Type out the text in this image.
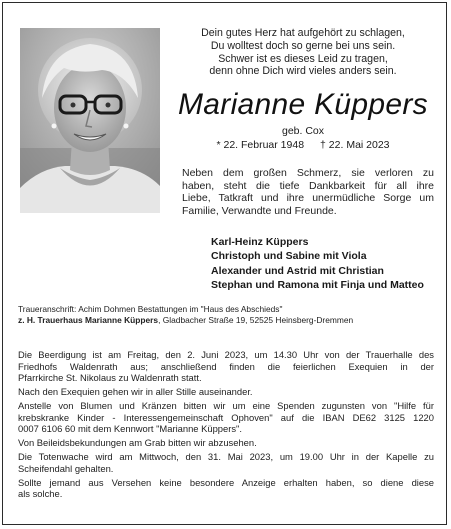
Dein gutes Herz hat aufgehört zu schlagen,
Du wolltest doch so gerne bei uns sein.
Schwer ist es dieses Leid zu tragen,
denn ohne Dich wird vieles anders sein.
Marianne Küppers
geb. Cox
* 22. Februar 1948 † 22. Mai 2023
Neben dem großen Schmerz, sie verloren zu
haben, steht die tiefe Dankbarkeit für all ihre
Liebe, Tatkraft und ihre unermüdliche Sorge um
Familie, Verwandte und Freunde.
Karl-Heinz Küppers
Christoph und Sabine mit Viola
Alexander und Astrid mit Christian
Stephan und Ramona mit Finja und Matteo
Traueranschrift: Achim Dohmen Bestattungen im "Haus des Abschieds"
z. H. Trauerhaus Marianne Küppers, Gladbacher Straße 19, 52525 Heinsberg-Dremmen

Die Beerdigung ist am Freitag, den 2. Juni 2023, um 14.30 Uhr von der Trauerhalle des
Friedhofs Waldenrath aus; anschließend finden die feierlichen Exequien in der
Pfarrkirche St. Nikolaus zu Waldenrath statt.

Nach den Exequien gehen wir in aller Stille auseinander.

Anstelle von Blumen und Kränzen bitten wir um eine Spenden zugunsten von "Hilfe für
krebskranke Kinder - Interessengemeinschaft Ophoven" auf die IBAN DE62 3125 1220
0007 6106 60 mit dem Kennwort "Marianne Küppers".

Von Beileidsbekundungen am Grab bitten wir abzusehen.

Die Totenwache wird am Mittwoch, den 31. Mai 2023, um 19.00 Uhr in der Kapelle zu
Scheifendahl gehalten.

Sollte jemand aus Versehen keine besondere Anzeige erhalten haben, so diene diese
als solche.
